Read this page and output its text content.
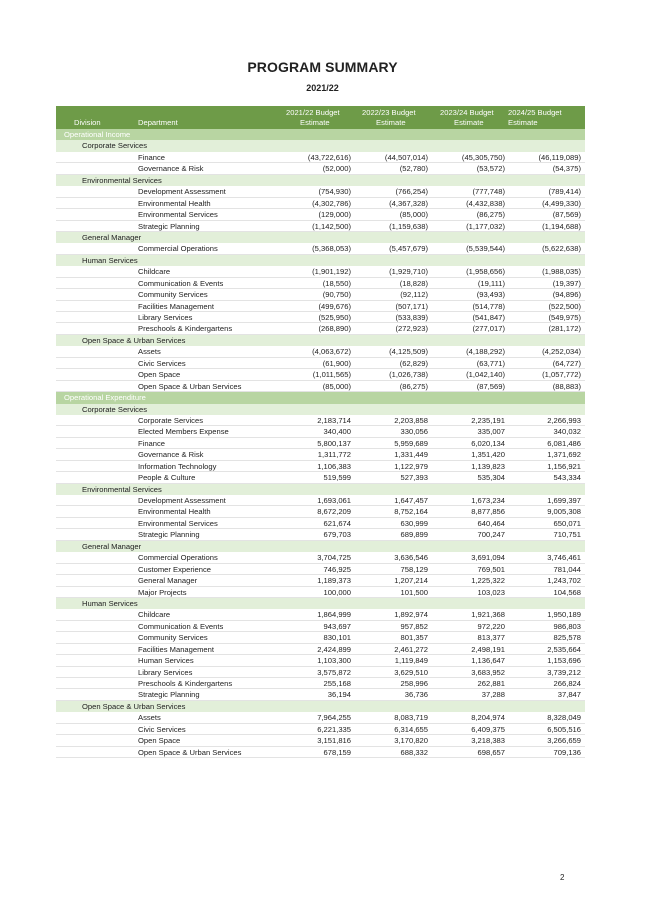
PROGRAM SUMMARY
2021/22
Division	Department
2021/22 Budget
Estimate
2022/23 Budget
Estimate
2023/24 Budget
Estimate
2024/25 Budget
Estimate
Operational Income
Corporate Services
Finance	(43,722,616)	(44,507,014)	(45,305,750)	(46,119,089)
Governance & Risk	(52,000)	(52,780)	(53,572)	(54,375)
Environmental Services
Development Assessment	(754,930)	(766,254)	(777,748)	(789,414)
Environmental Health	(4,302,786)	(4,367,328)	(4,432,838)	(4,499,330)
Environmental Services	(129,000)	(85,000)	(86,275)	(87,569)
Strategic Planning	(1,142,500)	(1,159,638)	(1,177,032)	(1,194,688)
General Manager
Commercial Operations	(5,368,053)	(5,457,679)	(5,539,544)	(5,622,638)
Human Services
Childcare	(1,901,192)	(1,929,710)	(1,958,656)	(1,988,035)
Communication & Events	(18,550)	(18,828)	(19,111)	(19,397)
Community Services	(90,750)	(92,112)	(93,493)	(94,896)
Facilities Management	(499,676)	(507,171)	(514,778)	(522,500)
Library Services	(525,950)	(533,839)	(541,847)	(549,975)
Preschools & Kindergartens	(268,890)	(272,923)	(277,017)	(281,172)
Open Space & Urban Services
Assets	(4,063,672)	(4,125,509)	(4,188,292)	(4,252,034)
Civic Services	(61,900)	(62,829)	(63,771)	(64,727)
Open Space	(1,011,565)	(1,026,738)	(1,042,140)	(1,057,772)
Open Space & Urban Services	(85,000)	(86,275)	(87,569)	(88,883)
Operational Expenditure
Corporate Services
Corporate Services	2,183,714	2,203,858	2,235,191	2,266,993
Elected Members Expense	340,400	330,056	335,007	340,032
Finance	5,800,137	5,959,689	6,020,134	6,081,486
Governance & Risk	1,311,772	1,331,449	1,351,420	1,371,692
Information Technology	1,106,383	1,122,979	1,139,823	1,156,921
People & Culture	519,599	527,393	535,304	543,334
Environmental Services
Development Assessment	1,693,061	1,647,457	1,673,234	1,699,397
Environmental Health	8,672,209	8,752,164	8,877,856	9,005,308
Environmental Services	621,674	630,999	640,464	650,071
Strategic Planning	679,703	689,899	700,247	710,751
General Manager
Commercial Operations	3,704,725	3,636,546	3,691,094	3,746,461
Customer Experience	746,925	758,129	769,501	781,044
General Manager	1,189,373	1,207,214	1,225,322	1,243,702
Major Projects	100,000	101,500	103,023	104,568
Human Services
Childcare	1,864,999	1,892,974	1,921,368	1,950,189
Communication & Events	943,697	957,852	972,220	986,803
Community Services	830,101	801,357	813,377	825,578
Facilities Management	2,424,899	2,461,272	2,498,191	2,535,664
Human Services	1,103,300	1,119,849	1,136,647	1,153,696
Library Services	3,575,872	3,629,510	3,683,952	3,739,212
Preschools & Kindergartens	255,168	258,996	262,881	266,824
Strategic Planning	36,194	36,736	37,288	37,847
Open Space & Urban Services
Assets	7,964,255	8,083,719	8,204,974	8,328,049
Civic Services	6,221,335	6,314,655	6,409,375	6,505,516
Open Space	3,151,816	3,170,820	3,218,383	3,266,659
Open Space & Urban Services	678,159	688,332	698,657	709,136
2
